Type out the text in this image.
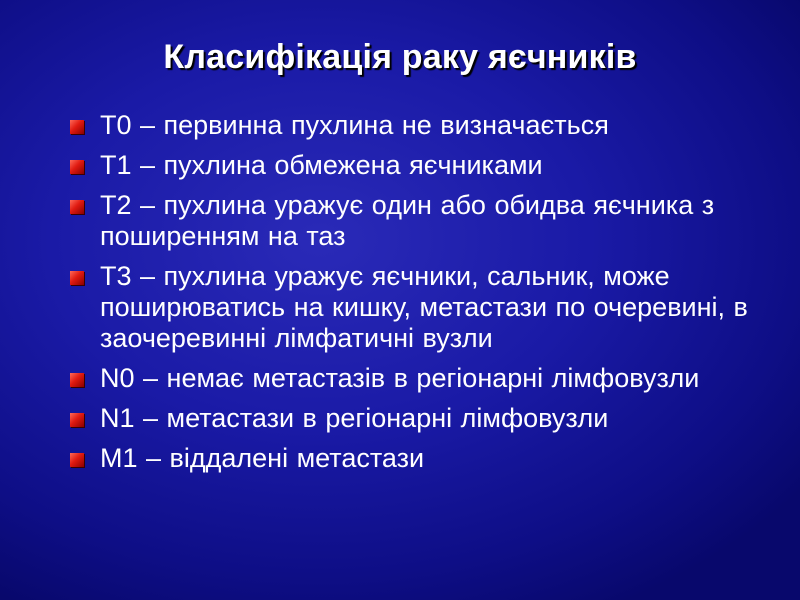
Класифікація раку яєчників
T0 – первинна пухлина не визначається
T1 – пухлина обмежена яєчниками
T2 – пухлина уражує один або обидва яєчника з поширенням на таз
T3 – пухлина уражує яєчники, сальник, може поширюватись на кишку, метастази по очеревині, в заочеревинні лімфатичні вузли
N0 – немає метастазів в регіонарні лімфовузли
N1 – метастази в регіонарні лімфовузли
M1 – віддалені метастази
